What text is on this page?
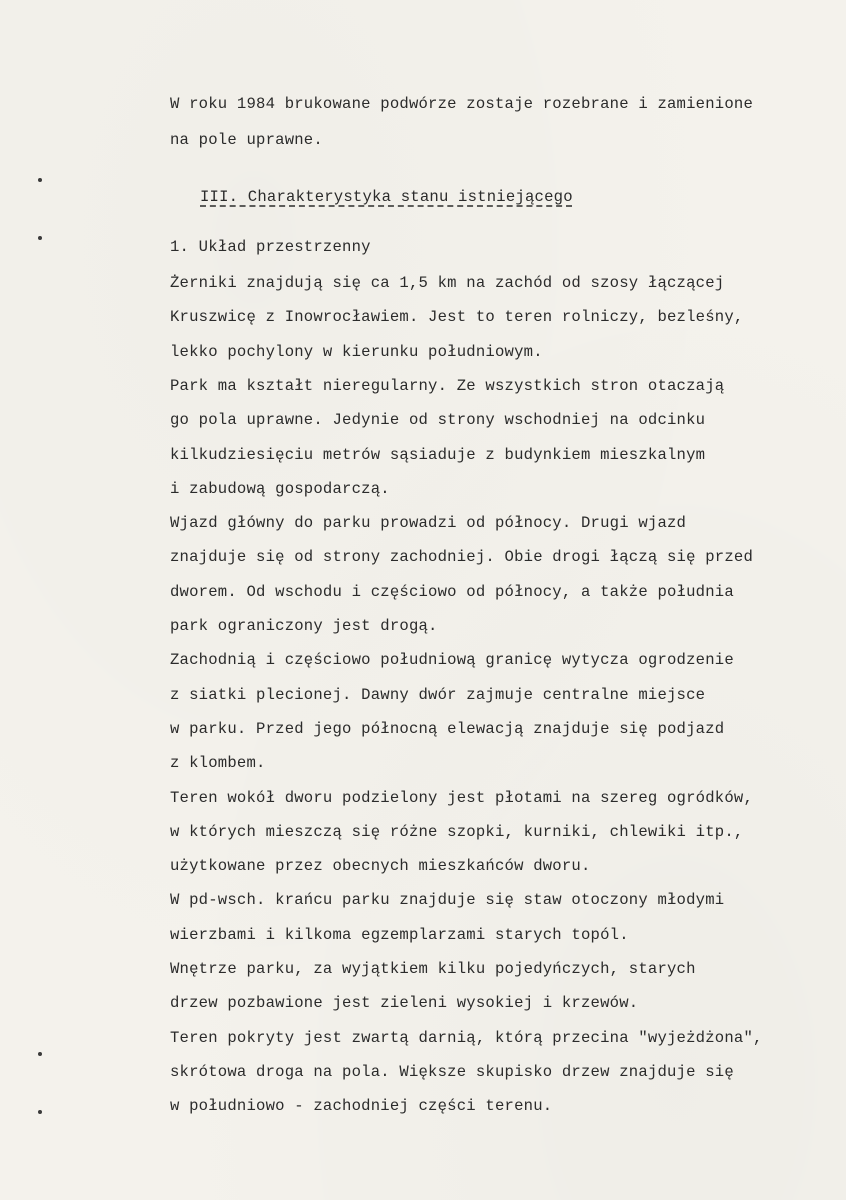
W roku 1984 brukowane podwórze zostaje rozebrane i zamienione

na pole uprawne.

III. Charakterystyka stanu istniejącego

1. Układ przestrzenny

Żerniki znajdują się ca 1,5 km na zachód od szosy łączącej
Kruszwicę z Inowrocławiem. Jest to teren rolniczy, bezleśny,
lekko pochylony w kierunku południowym.
Park ma kształt nieregularny. Ze wszystkich stron otaczają
go pola uprawne. Jedynie od strony wschodniej na odcinku
kilkudziesięciu metrów sąsiaduje z budynkiem mieszkalnym
i zabudową gospodarczą.
Wjazd główny do parku prowadzi od północy. Drugi wjazd
znajduje się od strony zachodniej. Obie drogi łączą się przed
dworem. Od wschodu i częściowo od północy, a także południa
park ograniczony jest drogą.
Zachodnią i częściowo południową granicę wytycza ogrodzenie
z siatki plecionej. Dawny dwór zajmuje centralne miejsce
w parku. Przed jego północną elewacją znajduje się podjazd
z klombem.
Teren wokół dworu podzielony jest płotami na szereg ogródków,
w których mieszczą się różne szopki, kurniki, chlewiki itp.,
użytkowane przez obecnych mieszkańców dworu.
W pd-wsch. krańcu parku znajduje się staw otoczony młodymi
wierzbami i kilkoma egzemplarzami starych topól.
Wnętrze parku, za wyjątkiem kilku pojedyńczych, starych
drzew pozbawione jest zieleni wysokiej i krzewów.
Teren pokryty jest zwartą darnią, którą przecina "wyjeżdżona",
skrótowa droga na pola. Większe skupisko drzew znajduje się
w południowo - zachodniej części terenu.
